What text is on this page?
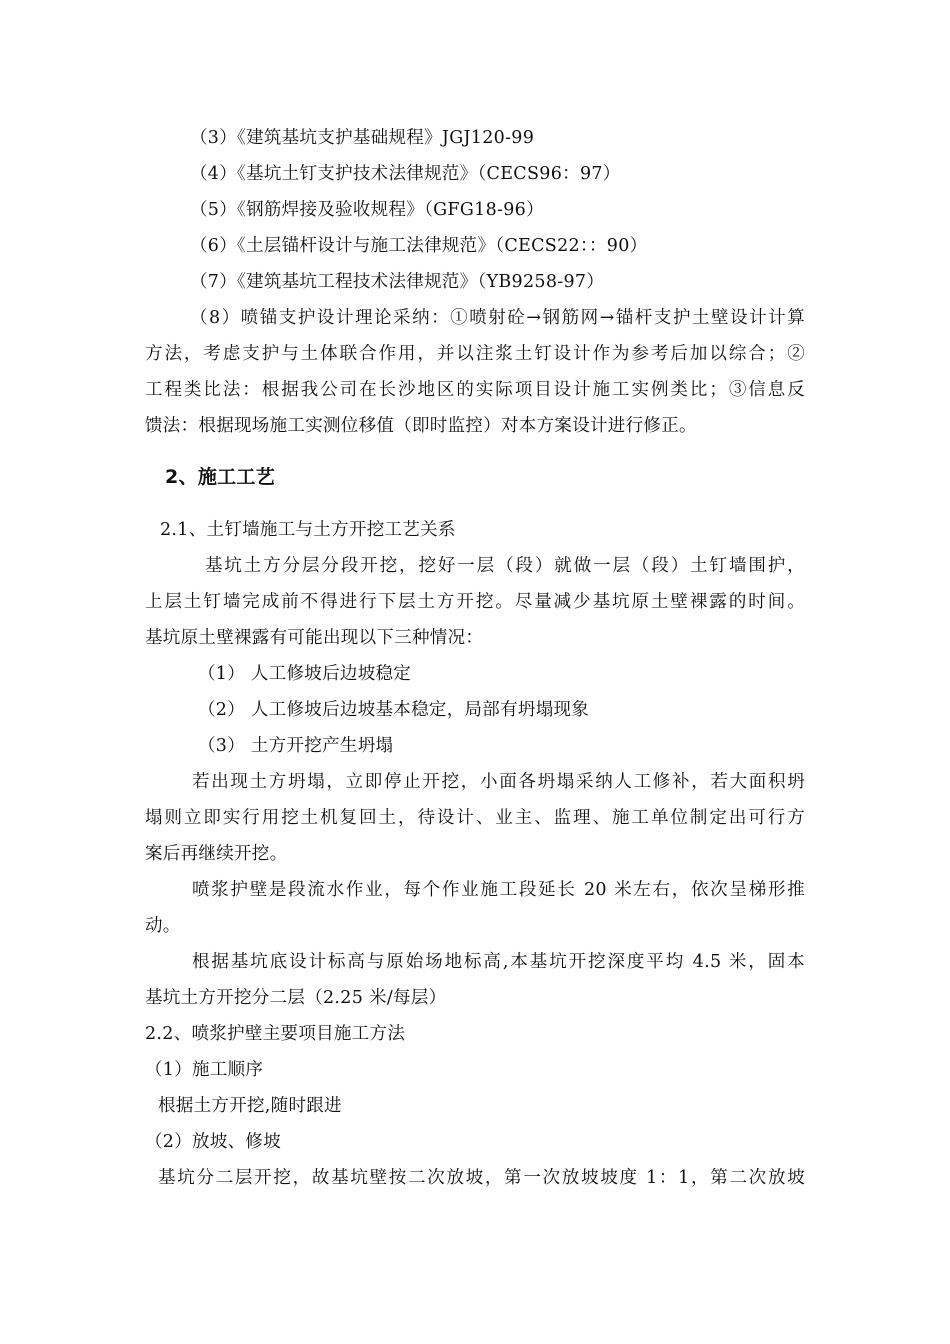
（3）《建筑基坑支护基础规程》JGJ120-99
（4）《基坑土钉支护技术法律规范》（CECS96：97）
（5）《钢筋焊接及验收规程》（GFG18-96）
（6）《土层锚杆设计与施工法律规范》（CECS22：：90）
（7）《建筑基坑工程技术法律规范》（YB9258-97）
（8）喷锚支护设计理论采纳：①喷射砼→钢筋网→锚杆支护土壁设计计算
方法，考虑支护与土体联合作用，并以注浆土钉设计作为参考后加以综合；②
工程类比法：根据我公司在长沙地区的实际项目设计施工实例类比；③信息反
馈法：根据现场施工实测位移值（即时监控）对本方案设计进行修正。
2、施工工艺
2.1、土钉墙施工与土方开挖工艺关系
基坑土方分层分段开挖，挖好一层（段）就做一层（段）土钉墙围护，
上层土钉墙完成前不得进行下层土方开挖。尽量减少基坑原土壁裸露的时间。
基坑原土壁裸露有可能出现以下三种情况：
（1） 人工修坡后边坡稳定
（2） 人工修坡后边坡基本稳定，局部有坍塌现象
（3） 土方开挖产生坍塌
若出现土方坍塌，立即停止开挖，小面各坍塌采纳人工修补，若大面积坍
塌则立即实行用挖土机复回土，待设计、业主、监理、施工单位制定出可行方
案后再继续开挖。
喷浆护壁是段流水作业，每个作业施工段延长 20 米左右，依次呈梯形推
动。
根据基坑底设计标高与原始场地标高,本基坑开挖深度平均 4.5 米，固本
基坑土方开挖分二层（2.25 米/每层）
2.2、喷浆护壁主要项目施工方法
（1）施工顺序
根据土方开挖,随时跟进
（2）放坡、修坡
基坑分二层开挖，故基坑壁按二次放坡，第一次放坡坡度 1：1，第二次放坡
